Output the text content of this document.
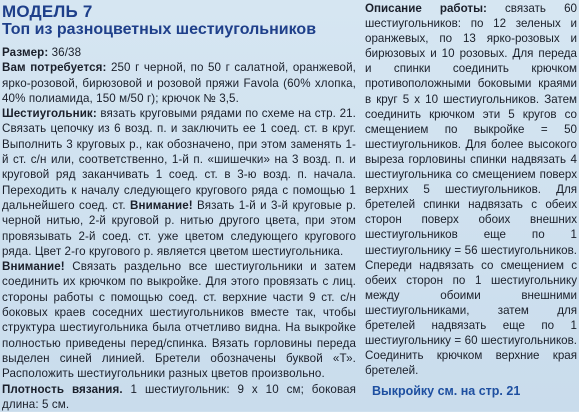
МОДЕЛЬ 7
Топ из разноцветных шестиугольников

Размер: 36/38

Вам потребуется: 250 г черной, по 50 г салатной, оранжевой, ярко-розовой, бирюзовой и розовой пряжи Favola (60% хлопка, 40% полиамида, 150 м/50 г); крючок № 3,5.

Шестиугольник: вязать круговыми рядами по схеме на стр. 21. Связать цепочку из 6 возд. п. и заключить ее 1 соед. ст. в круг. Выполнить 3 круговых р., как обозначено, при этом заменять 1-й ст. с/н или, соответственно, 1-й п. «шишечки» на 3 возд. п. и круговой ряд заканчивать 1 соед. ст. в 3-ю возд. п. начала. Переходить к началу следующего кругового ряда с помощью 1 дальнейшего соед. ст. Внимание! Вязать 1-й и 3-й круговые р. черной нитью, 2-й круговой р. нитью другого цвета, при этом провязывать 2-й соед. ст. уже цветом следующего кругового ряда. Цвет 2-го кругового р. является цветом шестиугольника.

Внимание! Связать раздельно все шестиугольники и затем соединить их крючком по выкройке. Для этого провязать с лиц. стороны работы с помощью соед. ст. верхние части 9 ст. с/н боковых краев соседних шестиугольников вместе так, чтобы структура шестиугольника была отчетливо видна. На выкройке полностью приведены перед/спинка. Вязать горловины переда выделен синей линией. Бретели обозначены буквой «Т». Расположить шестиугольники разных цветов произвольно.

Плотность вязания. 1 шестиугольник: 9 х 10 см; боковая длина: 5 см.

Описание работы: связать 60 шестиугольников: по 12 зеленых и оранжевых, по 13 ярко-розовых и бирюзовых и 10 розовых. Для переда и спинки соединить крючком противоположными боковыми краями в круг 5 х 10 шестиугольников. Затем соединить крючком эти 5 кругов со смещением по выкройке = 50 шестиугольников. Для более высокого выреза горловины спинки надвязать 4 шестиугольника со смещением поверх верхних 5 шестиугольников. Для бретелей спинки надвязать с обеих сторон поверх обоих внешних шестиугольников еще по 1 шестиугольнику = 56 шестиугольников. Спереди надвязать со смещением с обеих сторон по 1 шестиугольнику между обоими внешними шестиугольниками, затем для бретелей надвязать еще по 1 шестиугольнику = 60 шестиугольников. Соединить крючком верхние края бретелей.

Выкройку см. на стр. 21
